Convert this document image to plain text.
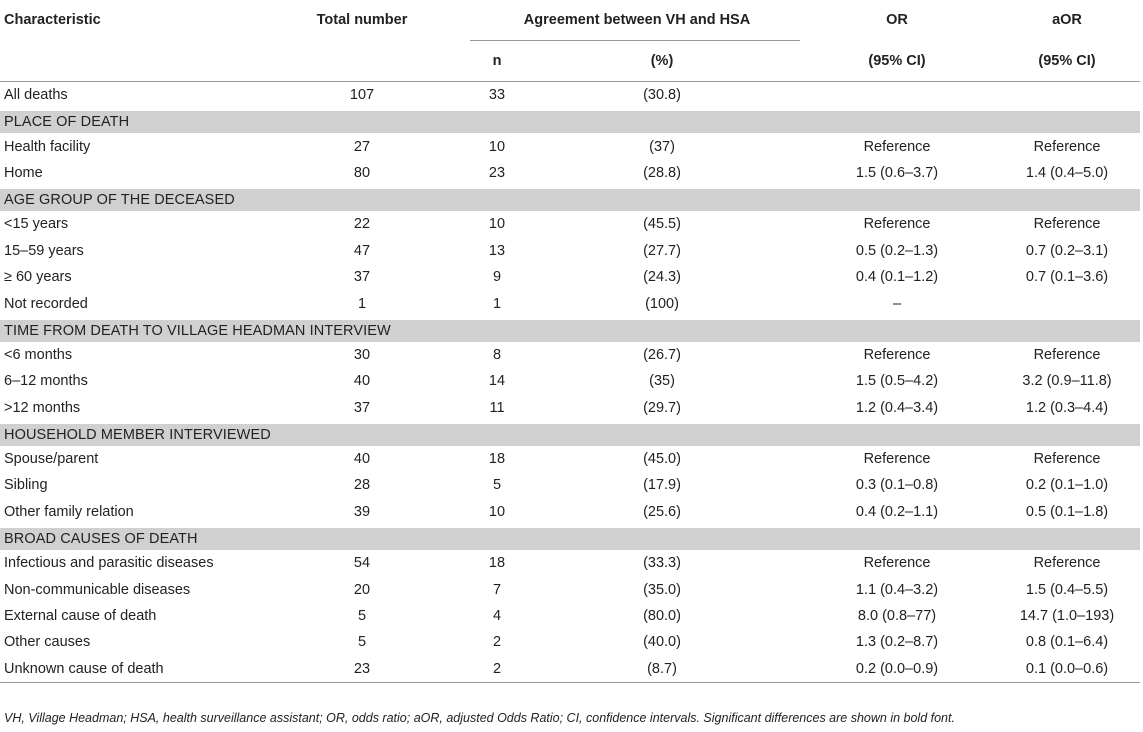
Characteristic	Total number	Agreement between VH and HSA		OR	aOR
		n	(%)	(95% CI)	(95% CI)
All deaths	107	33	(30.8)		

PLACE OF DEATH					
Health facility	27	10	(37)	Reference	Reference
Home	80	23	(28.8)	1.5 (0.6–3.7)	1.4 (0.4–5.0)

AGE GROUP OF THE DECEASED					
<15 years	22	10	(45.5)	Reference	Reference
15–59 years	47	13	(27.7)	0.5 (0.2–1.3)	0.7 (0.2–3.1)
≥ 60 years	37	9	(24.3)	0.4 (0.1–1.2)	0.7 (0.1–3.6)
Not recorded	1	1	(100)	–	

TIME FROM DEATH TO VILLAGE HEADMAN INTERVIEW					
<6 months	30	8	(26.7)	Reference	Reference
6–12 months	40	14	(35)	1.5 (0.5–4.2)	3.2 (0.9–11.8)
>12 months	37	11	(29.7)	1.2 (0.4–3.4)	1.2 (0.3–4.4)

HOUSEHOLD MEMBER INTERVIEWED					
Spouse/parent	40	18	(45.0)	Reference	Reference
Sibling	28	5	(17.9)	0.3 (0.1–0.8)	0.2 (0.1–1.0)
Other family relation	39	10	(25.6)	0.4 (0.2–1.1)	0.5 (0.1–1.8)

BROAD CAUSES OF DEATH					
Infectious and parasitic diseases	54	18	(33.3)	Reference	Reference
Non-communicable diseases	20	7	(35.0)	1.1 (0.4–3.2)	1.5 (0.4–5.5)
External cause of death	5	4	(80.0)	8.0 (0.8–77)	14.7 (1.0–193)
Other causes	5	2	(40.0)	1.3 (0.2–8.7)	0.8 (0.1–6.4)
Unknown cause of death	23	2	(8.7)	0.2 (0.0–0.9)	0.1 (0.0–0.6)
VH, Village Headman; HSA, health surveillance assistant; OR, odds ratio; aOR, adjusted Odds Ratio; CI, confidence intervals. Significant differences are shown in bold font.
